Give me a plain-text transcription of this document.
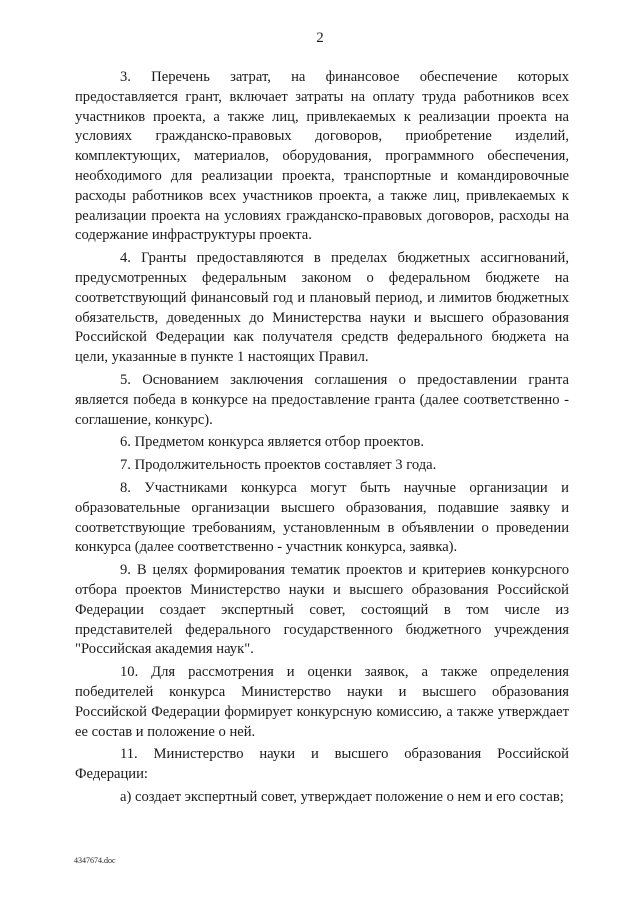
2

3. Перечень затрат, на финансовое обеспечение которых предоставляется грант, включает затраты на оплату труда работников всех участников проекта, а также лиц, привлекаемых к реализации проекта на условиях гражданско-правовых договоров, приобретение изделий, комплектующих, материалов, оборудования, программного обеспечения, необходимого для реализации проекта, транспортные и командировочные расходы работников всех участников проекта, а также лиц, привлекаемых к реализации проекта на условиях гражданско-правовых договоров, расходы на содержание инфраструктуры проекта.

4. Гранты предоставляются в пределах бюджетных ассигнований, предусмотренных федеральным законом о федеральном бюджете на соответствующий финансовый год и плановый период, и лимитов бюджетных обязательств, доведенных до Министерства науки и высшего образования Российской Федерации как получателя средств федерального бюджета на цели, указанные в пункте 1 настоящих Правил.

5. Основанием заключения соглашения о предоставлении гранта является победа в конкурсе на предоставление гранта (далее соответственно - соглашение, конкурс).

6. Предметом конкурса является отбор проектов.

7. Продолжительность проектов составляет 3 года.

8. Участниками конкурса могут быть научные организации и образовательные организации высшего образования, подавшие заявку и соответствующие требованиям, установленным в объявлении о проведении конкурса (далее соответственно - участник конкурса, заявка).

9. В целях формирования тематик проектов и критериев конкурсного отбора проектов Министерство науки и высшего образования Российской Федерации создает экспертный совет, состоящий в том числе из представителей федерального государственного бюджетного учреждения "Российская академия наук".

10. Для рассмотрения и оценки заявок, а также определения победителей конкурса Министерство науки и высшего образования Российской Федерации формирует конкурсную комиссию, а также утверждает ее состав и положение о ней.

11. Министерство науки и высшего образования Российской Федерации:

а) создает экспертный совет, утверждает положение о нем и его состав;

4347674.doc
